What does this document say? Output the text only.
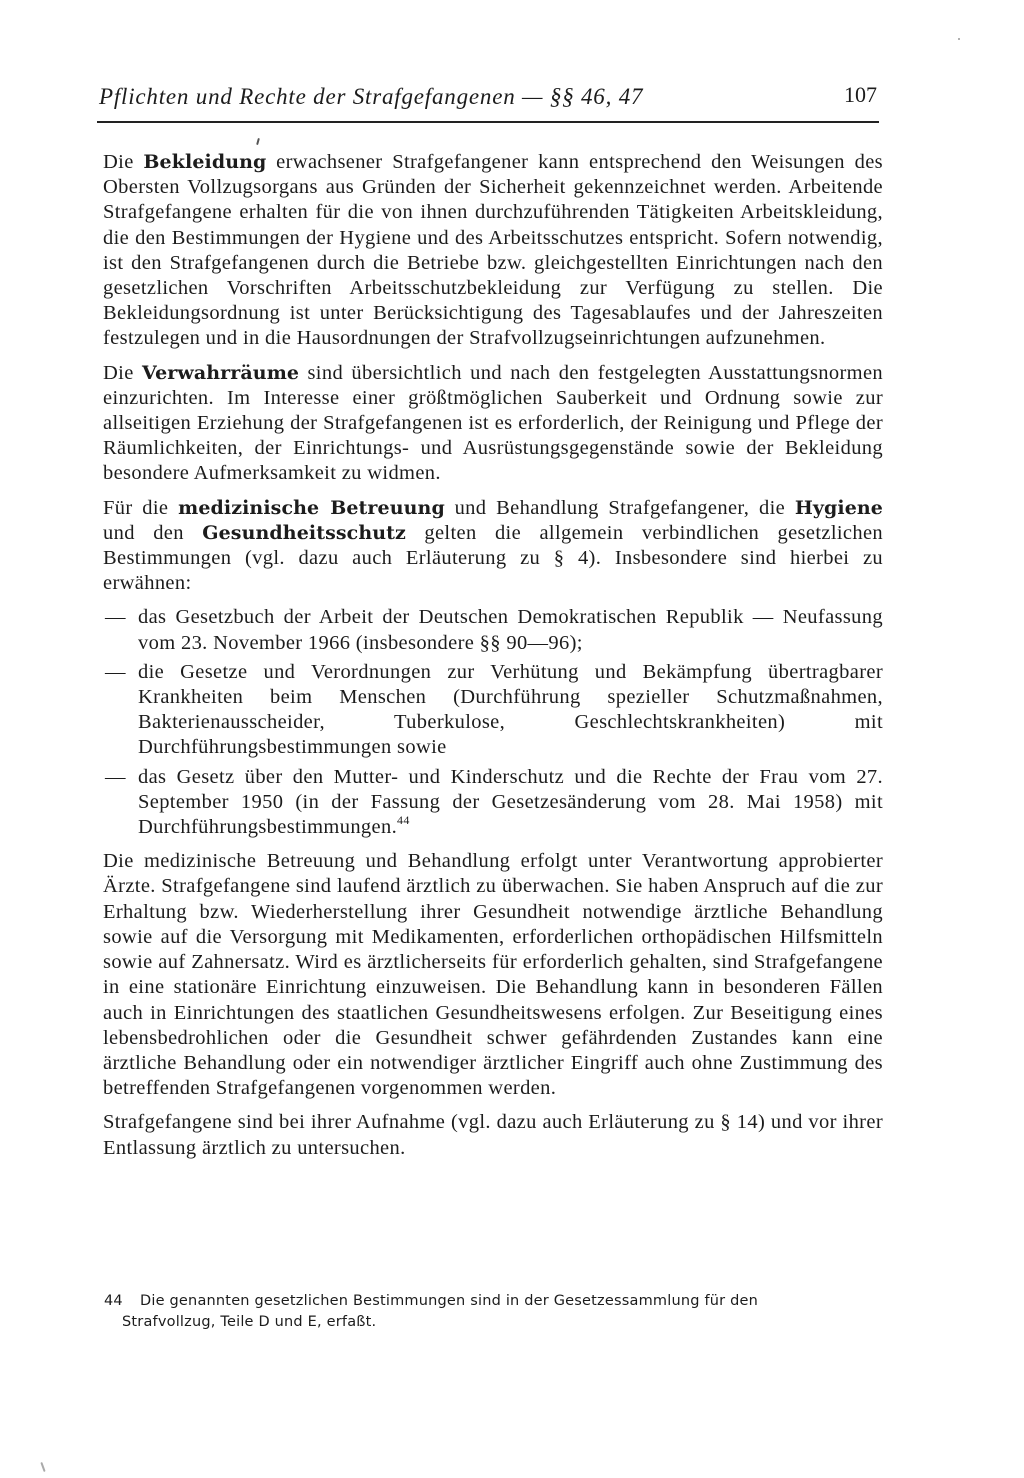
Pflichten und Rechte der Strafgefangenen — §§ 46, 47	107

Die Bekleidung erwachsener Strafgefangener kann entsprechend den Weisungen des Obersten Vollzugsorgans aus Gründen der Sicherheit gekennzeichnet werden. Arbeitende Strafgefangene erhalten für die von ihnen durchzuführenden Tätigkeiten Arbeitskleidung, die den Bestimmungen der Hygiene und des Arbeitsschutzes entspricht. Sofern notwendig, ist den Strafgefangenen durch die Betriebe bzw. gleichgestellten Einrichtungen nach den gesetzlichen Vorschriften Arbeitsschutzbekleidung zur Verfügung zu stellen. Die Bekleidungsordnung ist unter Berücksichtigung des Tagesablaufes und der Jahreszeiten festzulegen und in die Hausordnungen der Strafvollzugseinrichtungen aufzunehmen.

Die Verwahrräume sind übersichtlich und nach den festgelegten Ausstattungsnormen einzurichten. Im Interesse einer größtmöglichen Sauberkeit und Ordnung sowie zur allseitigen Erziehung der Strafgefangenen ist es erforderlich, der Reinigung und Pflege der Räumlichkeiten, der Einrichtungs- und Ausrüstungsgegenstände sowie der Bekleidung besondere Aufmerksamkeit zu widmen.

Für die medizinische Betreuung und Behandlung Strafgefangener, die Hygiene und den Gesundheitsschutz gelten die allgemein verbindlichen gesetzlichen Bestimmungen (vgl. dazu auch Erläuterung zu § 4). Insbesondere sind hierbei zu erwähnen:

— das Gesetzbuch der Arbeit der Deutschen Demokratischen Republik — Neufassung vom 23. November 1966 (insbesondere §§ 90—96);
— die Gesetze und Verordnungen zur Verhütung und Bekämpfung übertragbarer Krankheiten beim Menschen (Durchführung spezieller Schutzmaßnahmen, Bakterienausscheider, Tuberkulose, Geschlechtskrankheiten) mit Durchführungsbestimmungen sowie
— das Gesetz über den Mutter- und Kinderschutz und die Rechte der Frau vom 27. September 1950 (in der Fassung der Gesetzesänderung vom 28. Mai 1958) mit Durchführungsbestimmungen.$^{44}$

Die medizinische Betreuung und Behandlung erfolgt unter Verantwortung approbierter Ärzte. Strafgefangene sind laufend ärztlich zu überwachen. Sie haben Anspruch auf die zur Erhaltung bzw. Wiederherstellung ihrer Gesundheit notwendige ärztliche Behandlung sowie auf die Versorgung mit Medikamenten, erforderlichen orthopädischen Hilfsmitteln sowie auf Zahnersatz. Wird es ärztlicherseits für erforderlich gehalten, sind Strafgefangene in eine stationäre Einrichtung einzuweisen. Die Behandlung kann in besonderen Fällen auch in Einrichtungen des staatlichen Gesundheitswesens erfolgen. Zur Beseitigung eines lebensbedrohlichen oder die Gesundheit schwer gefährdenden Zustandes kann eine ärztliche Behandlung oder ein notwendiger ärztlicher Eingriff auch ohne Zustimmung des betreffenden Strafgefangenen vorgenommen werden.

Strafgefangene sind bei ihrer Aufnahme (vgl. dazu auch Erläuterung zu § 14) und vor ihrer Entlassung ärztlich zu untersuchen.

44 Die genannten gesetzlichen Bestimmungen sind in der Gesetzessammlung für den
Strafvollzug, Teile D und E, erfaßt.
